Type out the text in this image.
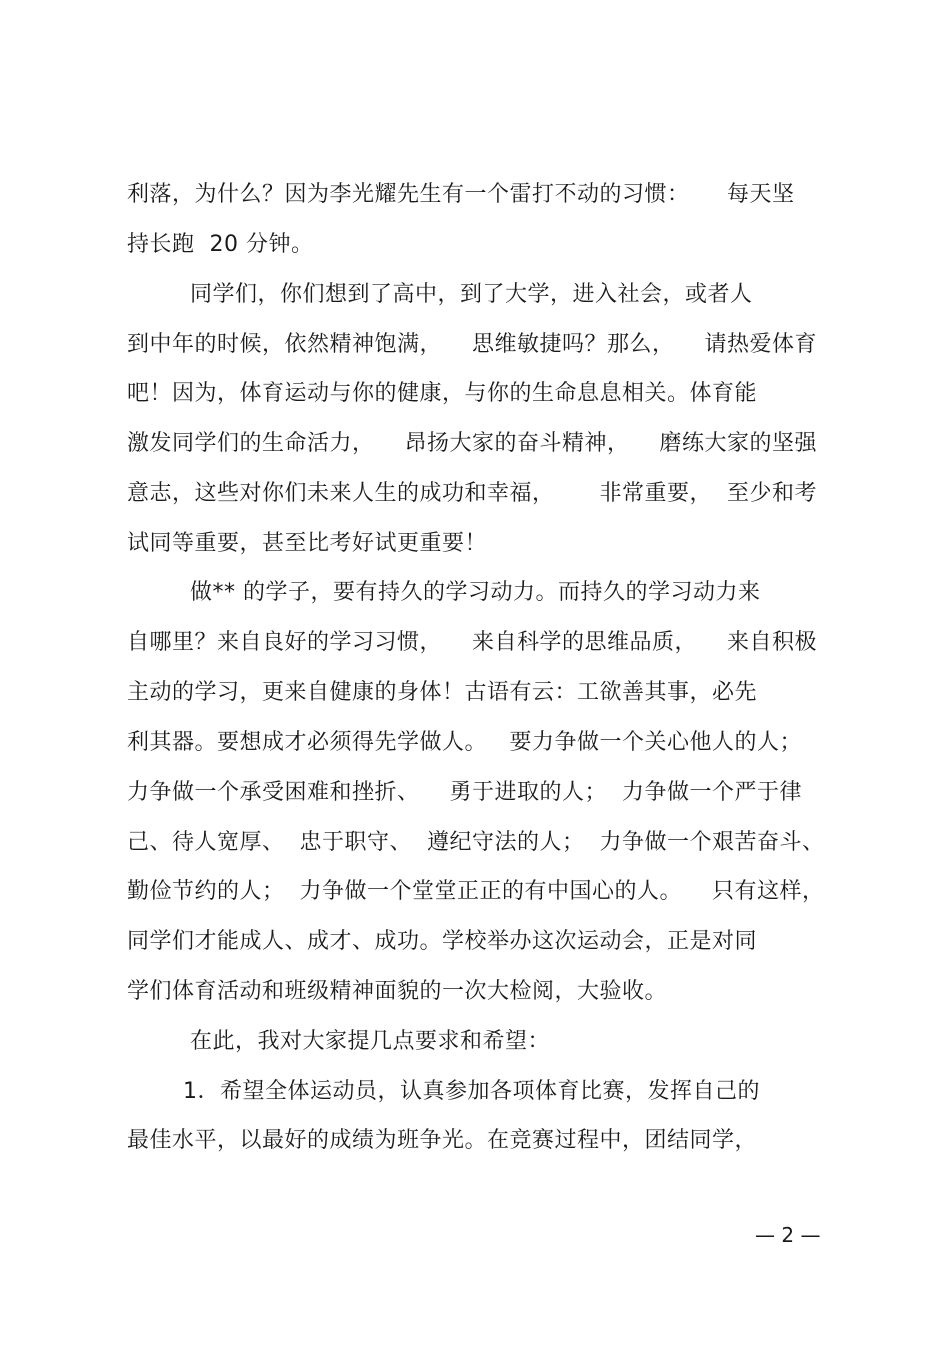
利落，为什么？因为李光耀先生有一个雷打不动的习惯：     每天坚
持长跑  20 分钟。
同学们，你们想到了高中，到了大学，进入社会，或者人
到中年的时候，依然精神饱满，    思维敏捷吗？那么，    请热爱体育
吧！因为，体育运动与你的健康，与你的生命息息相关。体育能
激发同学们的生命活力，    昂扬大家的奋斗精神，    磨练大家的坚强
意志，这些对你们未来人生的成功和幸福，      非常重要，  至少和考
试同等重要，甚至比考好试更重要！
做** 的学子，要有持久的学习动力。而持久的学习动力来
自哪里？来自良好的学习习惯，    来自科学的思维品质，    来自积极
主动的学习，更来自健康的身体！古语有云：工欲善其事，必先
利其器。要想成才必须得先学做人。   要力争做一个关心他人的人；
力争做一个承受困难和挫折、    勇于进取的人；  力争做一个严于律
己、待人宽厚、  忠于职守、  遵纪守法的人；  力争做一个艰苦奋斗、
勤俭节约的人；  力争做一个堂堂正正的有中国心的人。    只有这样，
同学们才能成人、成才、成功。学校举办这次运动会，正是对同
学们体育活动和班级精神面貌的一次大检阅，大验收。
在此，我对大家提几点要求和希望：
1．希望全体运动员，认真参加各项体育比赛，发挥自己的
最佳水平，以最好的成绩为班争光。在竞赛过程中，团结同学，
— 2 —
